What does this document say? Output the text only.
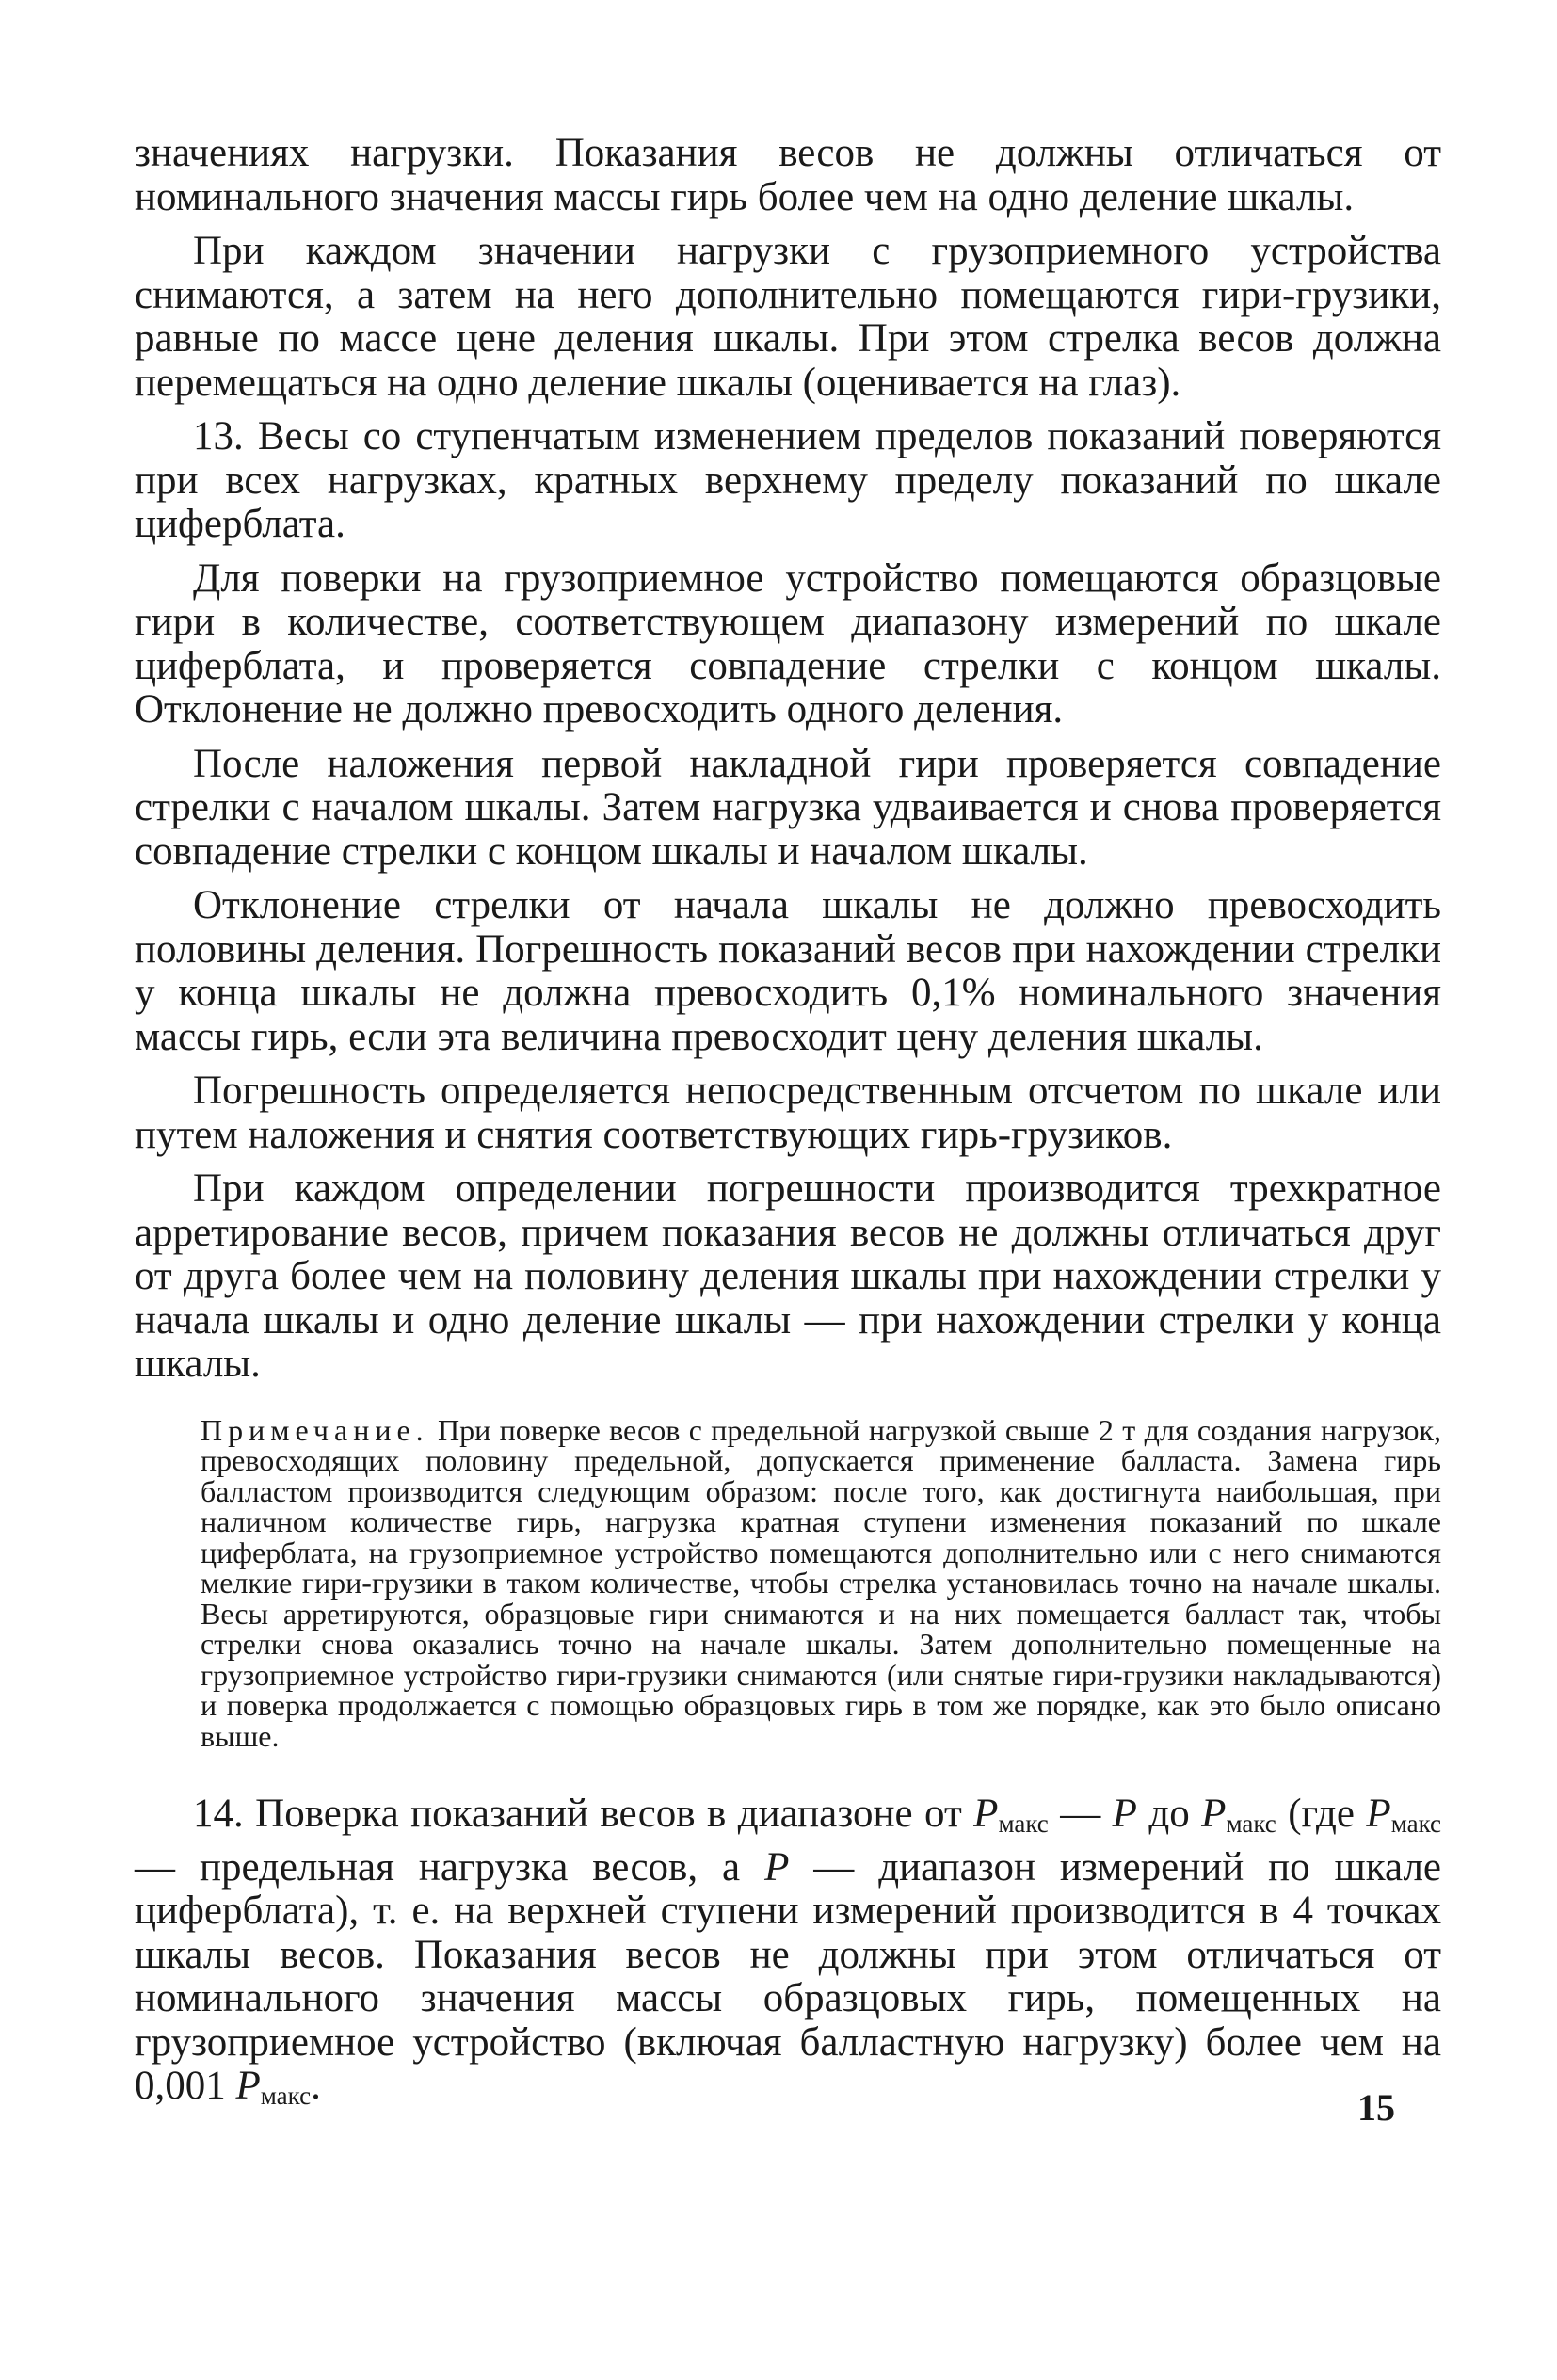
значениях нагрузки. Показания весов не должны отличаться от номинального значения массы гирь более чем на одно деление шкалы.

При каждом значении нагрузки с грузоприемного устройства снимаются, а затем на него дополнительно помещаются гири-грузики, равные по массе цене деления шкалы. При этом стрелка весов должна перемещаться на одно деление шкалы (оценивается на глаз).

13. Весы со ступенчатым изменением пределов показаний поверяются при всех нагрузках, кратных верхнему пределу показаний по шкале циферблата.

Для поверки на грузоприемное устройство помещаются образцовые гири в количестве, соответствующем диапазону измерений по шкале циферблата, и проверяется совпадение стрелки с концом шкалы. Отклонение не должно превосходить одного деления.

После наложения первой накладной гири проверяется совпадение стрелки с началом шкалы. Затем нагрузка удваивается и снова проверяется совпадение стрелки с концом шкалы и началом шкалы.

Отклонение стрелки от начала шкалы не должно превосходить половины деления. Погрешность показаний весов при нахождении стрелки у конца шкалы не должна превосходить 0,1% номинального значения массы гирь, если эта величина превосходит цену деления шкалы.

Погрешность определяется непосредственным отсчетом по шкале или путем наложения и снятия соответствующих гирь-грузиков.

При каждом определении погрешности производится трехкратное арретирование весов, причем показания весов не должны отличаться друг от друга более чем на половину деления шкалы при нахождении стрелки у начала шкалы и одно деление шкалы — при нахождении стрелки у конца шкалы.

Примечание. При поверке весов с предельной нагрузкой свыше 2 т для создания нагрузок, превосходящих половину предельной, допускается применение балласта. Замена гирь балластом производится следующим образом: после того, как достигнута наибольшая, при наличном количестве гирь, нагрузка кратная ступени изменения показаний по шкале циферблата, на грузоприемное устройство помещаются дополнительно или с него снимаются мелкие гири-грузики в таком количестве, чтобы стрелка установилась точно на начале шкалы. Весы арретируются, образцовые гири снимаются и на них помещается балласт так, чтобы стрелки снова оказались точно на начале шкалы. Затем дополнительно помещенные на грузоприемное устройство гири-грузики снимаются (или снятые гири-грузики накладываются) и поверка продолжается с помощью образцовых гирь в том же порядке, как это было описано выше.

14. Поверка показаний весов в диапазоне от $P_{макс}$ — P до $P_{макс}$ (где $P_{макс}$ — предельная нагрузка весов, а P — диапазон измерений по шкале циферблата), т. е. на верхней ступени измерений производится в 4 точках шкалы весов. Показания весов не должны при этом отличаться от номинального значения массы образцовых гирь, помещенных на грузоприемное устройство (включая балластную нагрузку) более чем на 0,001 $P_{макс}$.	15
